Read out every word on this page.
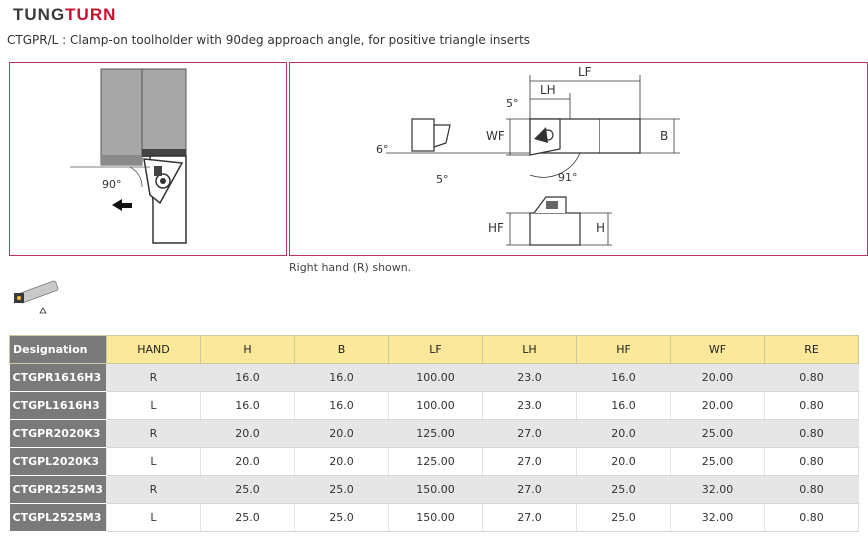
TUNGTURN
CTGPR/L : Clamp-on toolholder with 90deg approach angle, for positive triangle inserts
90°
LF
LH
WF	B
HF	H
5°
6°
5°	91°
Right hand (R) shown.
Designation	HAND	H	B	LF	LH	HF	WF	RE
CTGPR1616H3	R	16.0	16.0	100.00	23.0	16.0	20.00	0.80
CTGPL1616H3	L	16.0	16.0	100.00	23.0	16.0	20.00	0.80
CTGPR2020K3	R	20.0	20.0	125.00	27.0	20.0	25.00	0.80
CTGPL2020K3	L	20.0	20.0	125.00	27.0	20.0	25.00	0.80
CTGPR2525M3	R	25.0	25.0	150.00	27.0	25.0	32.00	0.80
CTGPL2525M3	L	25.0	25.0	150.00	27.0	25.0	32.00	0.80
